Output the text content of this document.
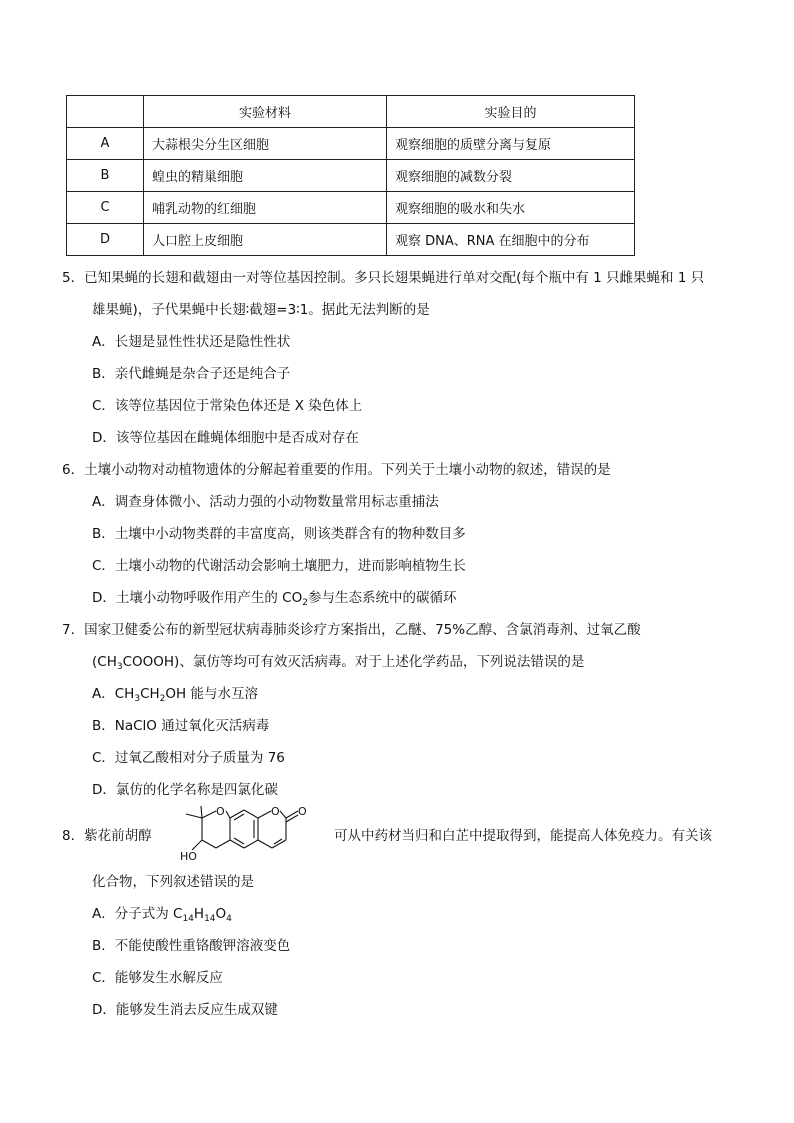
	实验材料	实验目的
A	大蒜根尖分生区细胞	观察细胞的质壁分离与复原
B	蝗虫的精巢细胞	观察细胞的减数分裂
C	哺乳动物的红细胞	观察细胞的吸水和失水
D	人口腔上皮细胞	观察 DNA、RNA 在细胞中的分布
5．已知果蝇的长翅和截翅由一对等位基因控制。多只长翅果蝇进行单对交配(每个瓶中有 1 只雌果蝇和 1 只
雄果蝇)，子代果蝇中长翅∶截翅=3∶1。据此无法判断的是
A．长翅是显性性状还是隐性性状
B．亲代雌蝇是杂合子还是纯合子
C．该等位基因位于常染色体还是 X 染色体上
D．该等位基因在雌蝇体细胞中是否成对存在
6．土壤小动物对动植物遗体的分解起着重要的作用。下列关于土壤小动物的叙述，错误的是
A．调查身体微小、活动力强的小动物数量常用标志重捕法
B．土壤中小动物类群的丰富度高，则该类群含有的物种数目多
C．土壤小动物的代谢活动会影响土壤肥力，进而影响植物生长
D．土壤小动物呼吸作用产生的 $CO_2$参与生态系统中的碳循环
7．国家卫健委公布的新型冠状病毒肺炎诊疗方案指出，乙醚、75%乙醇、含氯消毒剂、过氧乙酸
$(CH_3COOOH)$、氯仿等均可有效灭活病毒。对于上述化学药品，下列说法错误的是
A．$CH_3CH_2OH$ 能与水互溶
B．NaClO 通过氧化灭活病毒
C．过氧乙酸相对分子质量为 76
D．氯仿的化学名称是四氯化碳
8．紫花前胡醇
O	O O
HO
可从中药材当归和白芷中提取得到，能提高人体免疫力。有关该
化合物，下列叙述错误的是
A．分子式为 $C_{14}H_{14}O_4$
B．不能使酸性重铬酸钾溶液变色
C．能够发生水解反应
D．能够发生消去反应生成双键
